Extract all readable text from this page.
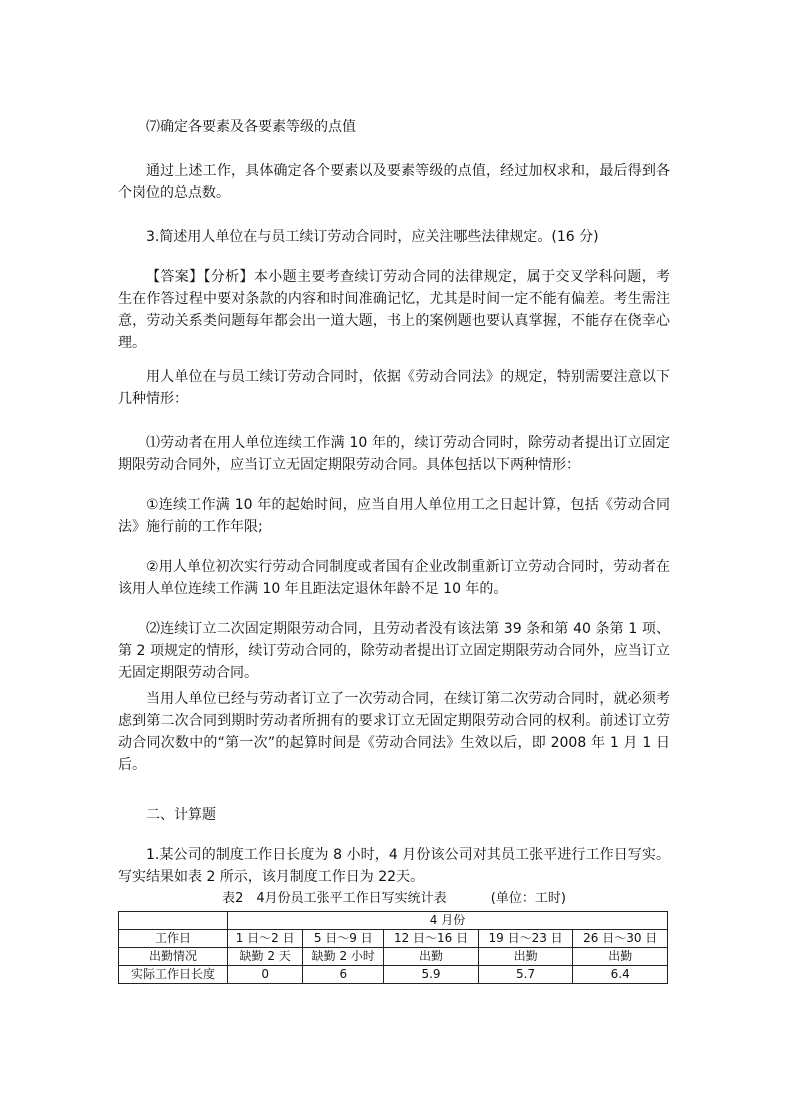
⑺确定各要素及各要素等级的点值

通过上述工作，具体确定各个要素以及要素等级的点值，经过加权求和，最后得到各个岗位的总点数。

3.简述用人单位在与员工续订劳动合同时，应关注哪些法律规定。(16 分)

【答案】【分析】本小题主要考查续订劳动合同的法律规定，属于交叉学科问题，考生在作答过程中要对条款的内容和时间准确记忆，尤其是时间一定不能有偏差。考生需注意，劳动关系类问题每年都会出一道大题，书上的案例题也要认真掌握，不能存在侥幸心理。

用人单位在与员工续订劳动合同时，依据《劳动合同法》的规定，特别需要注意以下几种情形：

⑴劳动者在用人单位连续工作满 10 年的，续订劳动合同时，除劳动者提出订立固定期限劳动合同外，应当订立无固定期限劳动合同。具体包括以下两种情形：

①连续工作满 10 年的起始时间，应当自用人单位用工之日起计算，包括《劳动合同法》施行前的工作年限;

②用人单位初次实行劳动合同制度或者国有企业改制重新订立劳动合同时，劳动者在该用人单位连续工作满 10 年且距法定退休年龄不足 10 年的。

⑵连续订立二次固定期限劳动合同，且劳动者没有该法第 39 条和第 40 条第 1 项、第 2 项规定的情形，续订劳动合同的，除劳动者提出订立固定期限劳动合同外，应当订立无固定期限劳动合同。

当用人单位已经与劳动者订立了一次劳动合同，在续订第二次劳动合同时，就必须考虑到第二次合同到期时劳动者所拥有的要求订立无固定期限劳动合同的权利。前述订立劳动合同次数中的“第一次”的起算时间是《劳动合同法》生效以后，即 2008 年 1 月 1 日后。

二、计算题

1.某公司的制度工作日长度为 8 小时，4 月份该公司对其员工张平进行工作日写实。写实结果如表 2 所示，该月制度工作日为 22天。

表2　4月份员工张平工作日写实统计表	(单位：工时)
	4 月份				
工作日	1 日～2 日	5 日～9 日	12 日～16 日	19 日～23 日	26 日～30 日
出勤情况	缺勤 2 天	缺勤 2 小时	出勤	出勤	出勤
实际工作日长度	0	6	5.9	5.7	6.4
